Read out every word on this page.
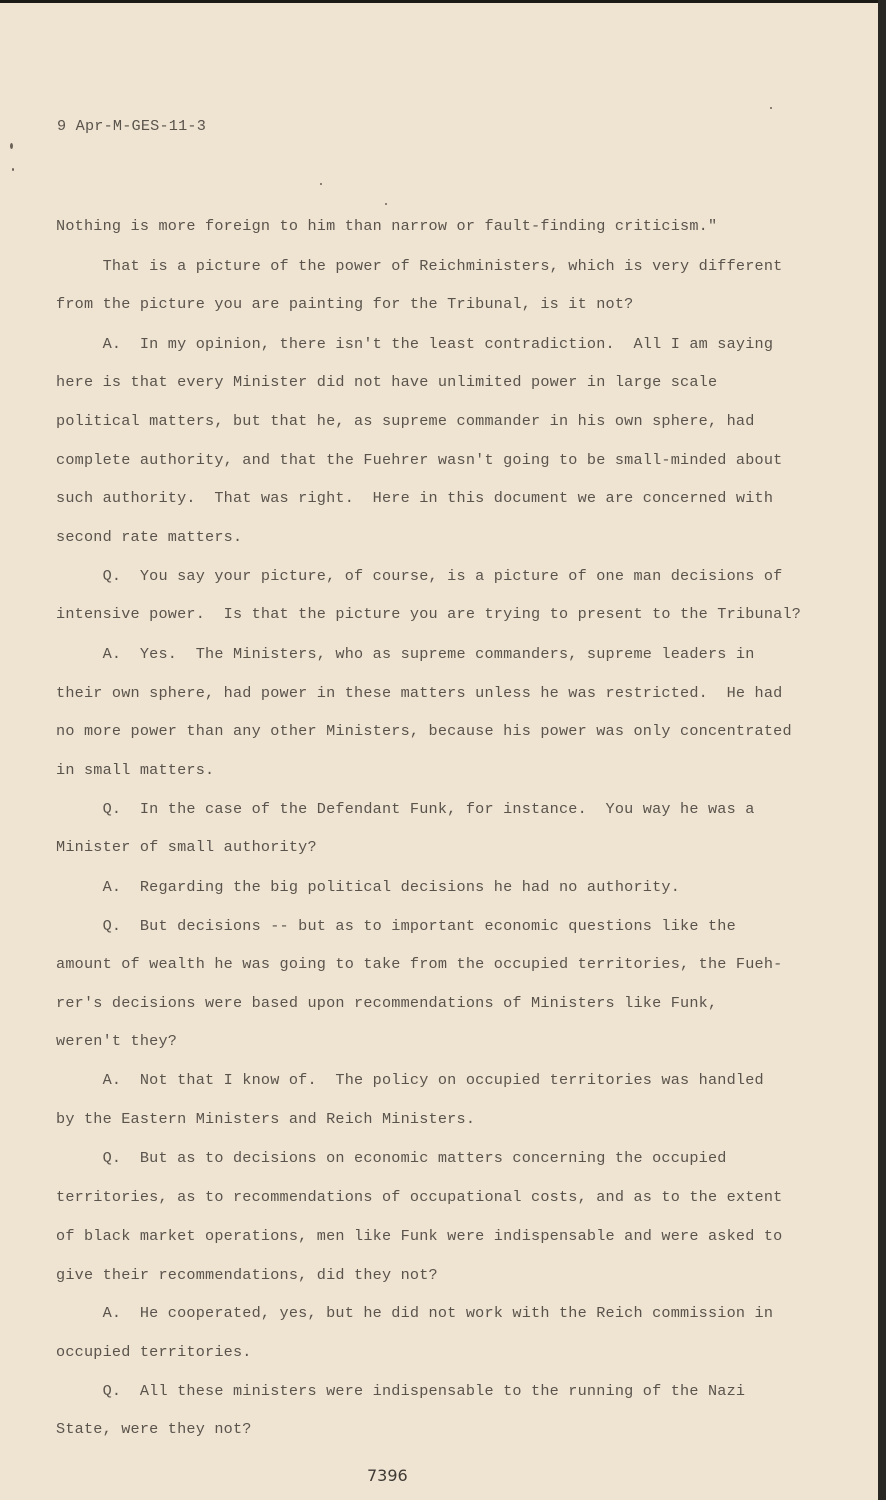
9 Apr-M-GES-11-3
Nothing is more foreign to him than narrow or fault-finding criticism."
That is a picture of the power of Reichministers, which is very different
from the picture you are painting for the Tribunal, is it not?
A.  In my opinion, there isn't the least contradiction.  All I am saying
here is that every Minister did not have unlimited power in large scale
political matters, but that he, as supreme commander in his own sphere, had
complete authority, and that the Fuehrer wasn't going to be small-minded about
such authority.  That was right.  Here in this document we are concerned with
second rate matters.
Q.  You say your picture, of course, is a picture of one man decisions of
intensive power.  Is that the picture you are trying to present to the Tribunal?
A.  Yes.  The Ministers, who as supreme commanders, supreme leaders in
their own sphere, had power in these matters unless he was restricted.  He had
no more power than any other Ministers, because his power was only concentrated
in small matters.
Q.  In the case of the Defendant Funk, for instance.  You way he was a
Minister of small authority?
A.  Regarding the big political decisions he had no authority.
Q.  But decisions -- but as to important economic questions like the
amount of wealth he was going to take from the occupied territories, the Fueh-
rer's decisions were based upon recommendations of Ministers like Funk,
weren't they?
A.  Not that I know of.  The policy on occupied territories was handled
by the Eastern Ministers and Reich Ministers.
Q.  But as to decisions on economic matters concerning the occupied
territories, as to recommendations of occupational costs, and as to the extent
of black market operations, men like Funk were indispensable and were asked to
give their recommendations, did they not?
A.  He cooperated, yes, but he did not work with the Reich commission in
occupied territories.
Q.  All these ministers were indispensable to the running of the Nazi
State, were they not?
7396
